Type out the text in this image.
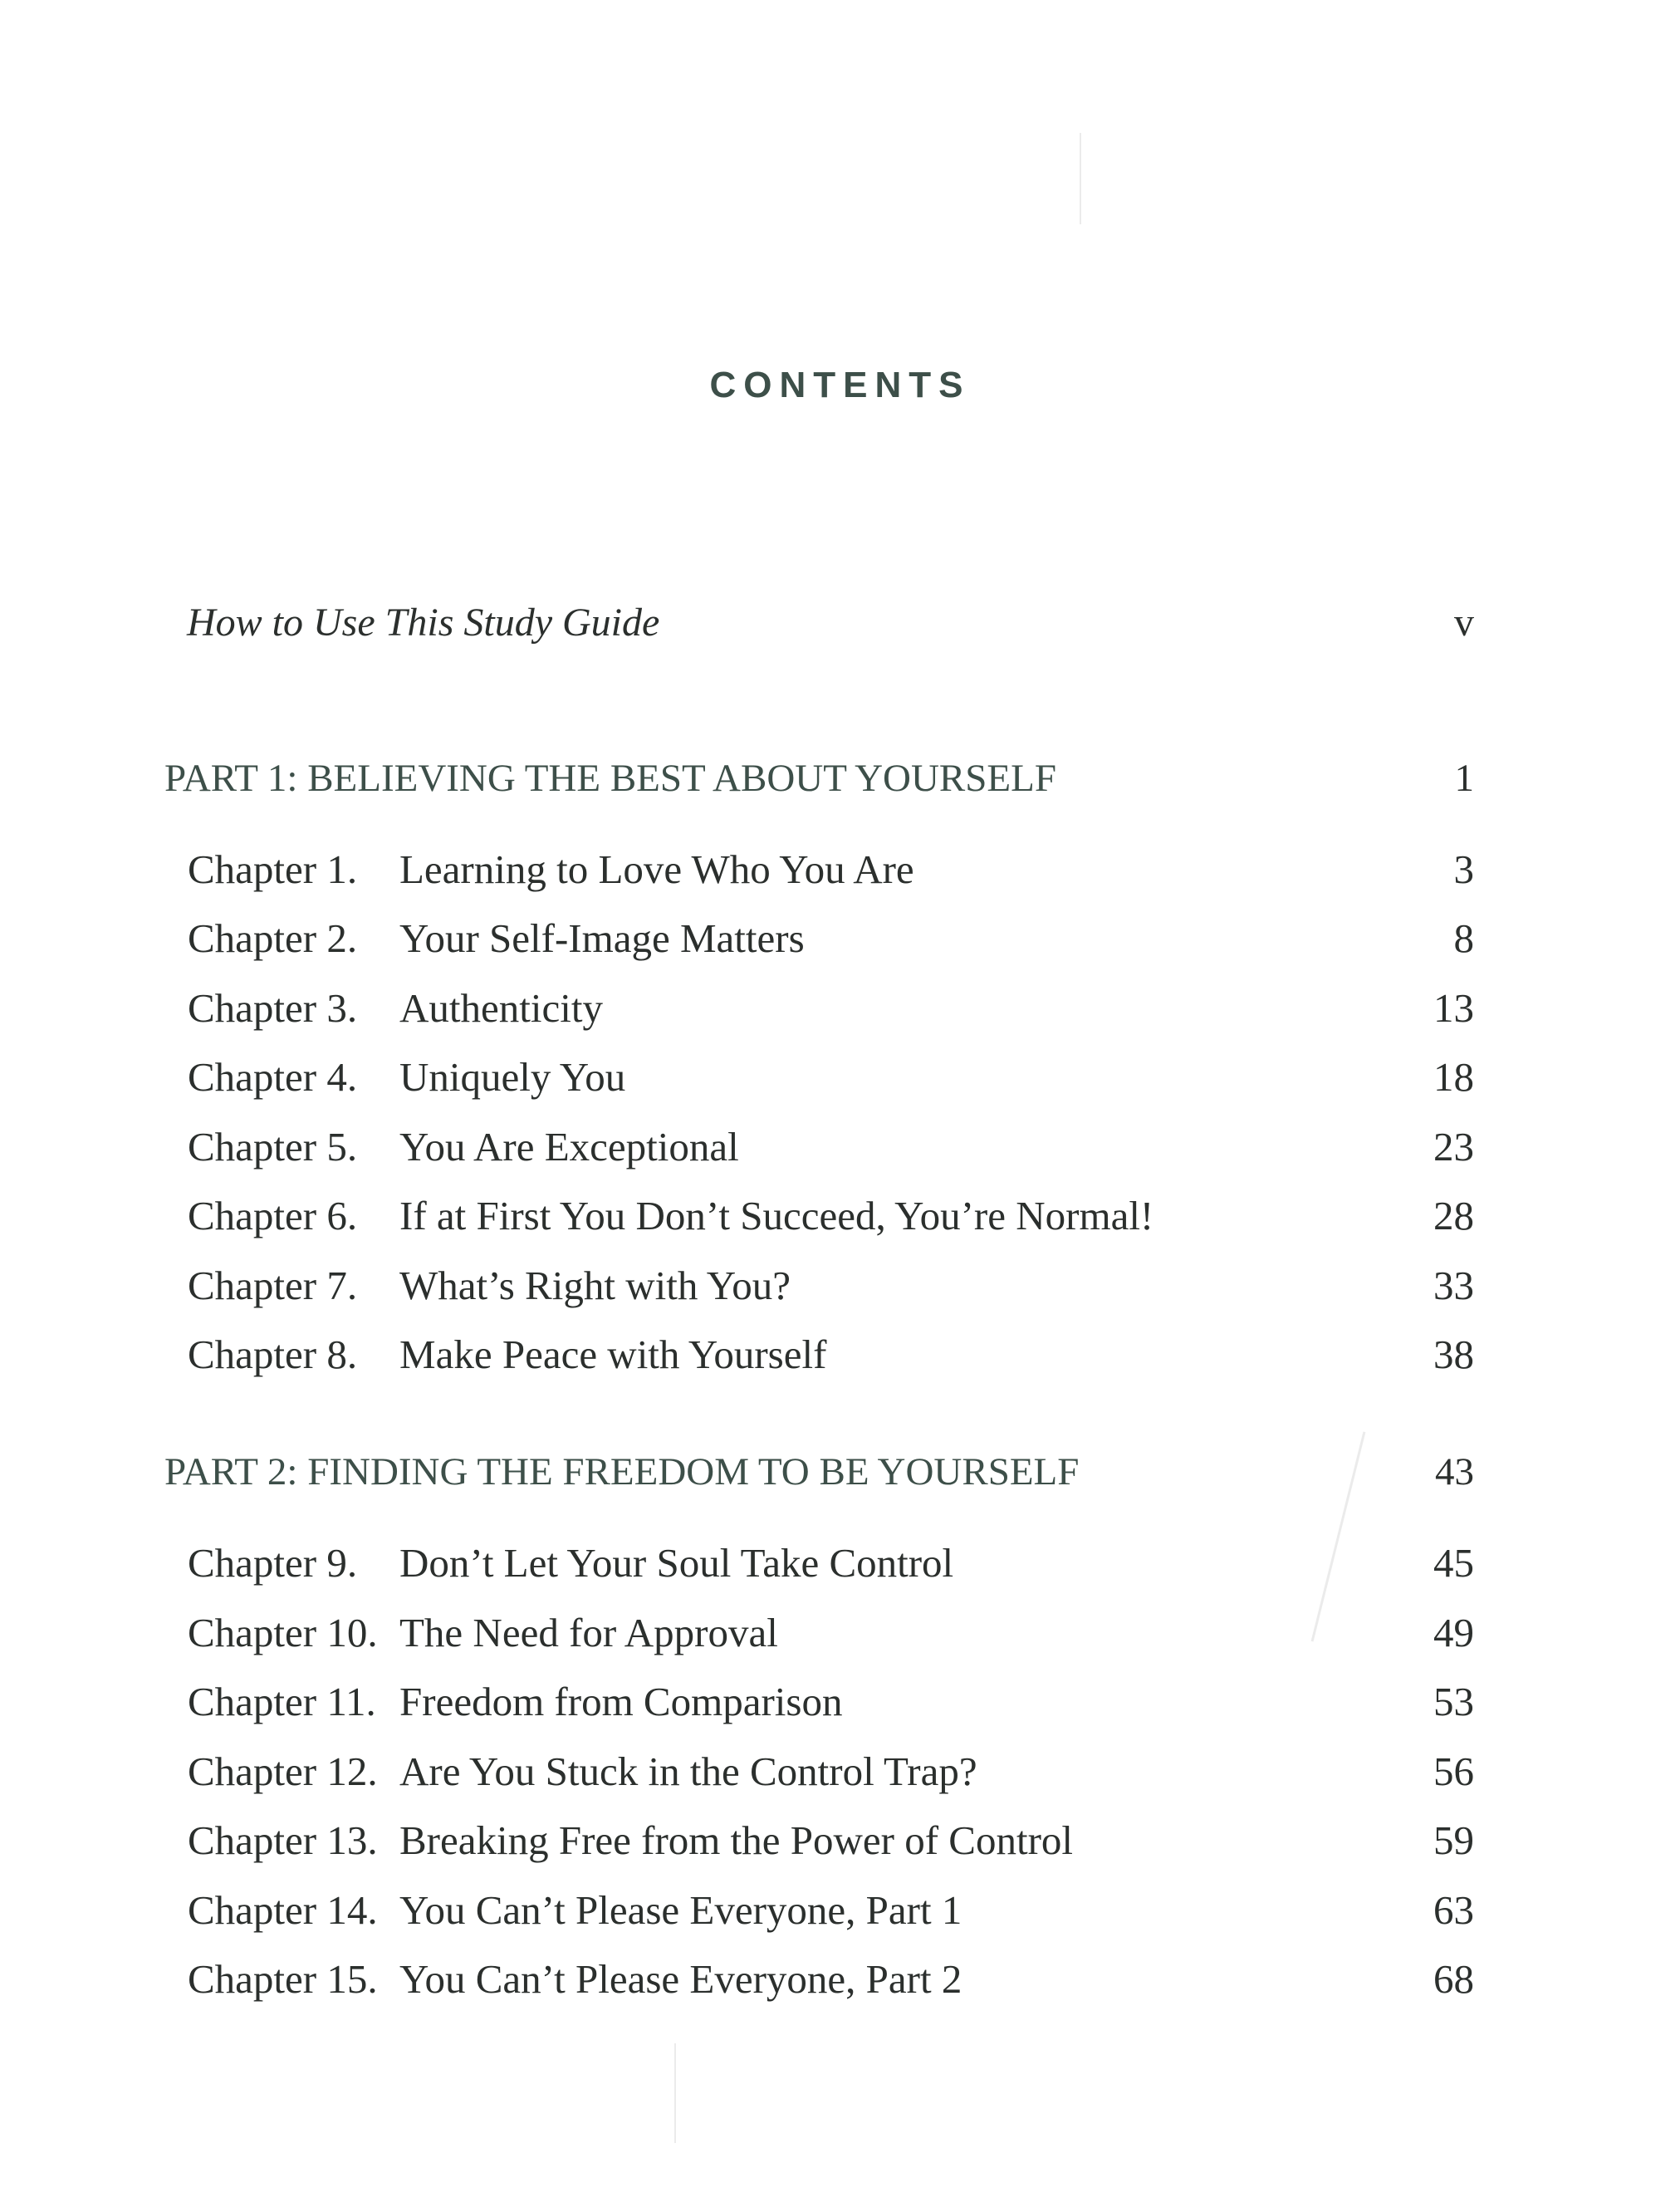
CONTENTS
How to Use This Study Guide	v
PART 1: BELIEVING THE BEST ABOUT YOURSELF	1
Chapter 1.	Learning to Love Who You Are	3
Chapter 2.	Your Self-Image Matters	8
Chapter 3.	Authenticity	13
Chapter 4.	Uniquely You	18
Chapter 5.	You Are Exceptional	23
Chapter 6.	If at First You Don’t Succeed, You’re Normal!	28
Chapter 7.	What’s Right with You?	33
Chapter 8.	Make Peace with Yourself	38
PART 2: FINDING THE FREEDOM TO BE YOURSELF	43
Chapter 9.	Don’t Let Your Soul Take Control	45
Chapter 10. The Need for Approval	49
Chapter 11. Freedom from Comparison	53
Chapter 12. Are You Stuck in the Control Trap?	56
Chapter 13. Breaking Free from the Power of Control	59
Chapter 14. You Can’t Please Everyone, Part 1	63
Chapter 15. You Can’t Please Everyone, Part 2	68
